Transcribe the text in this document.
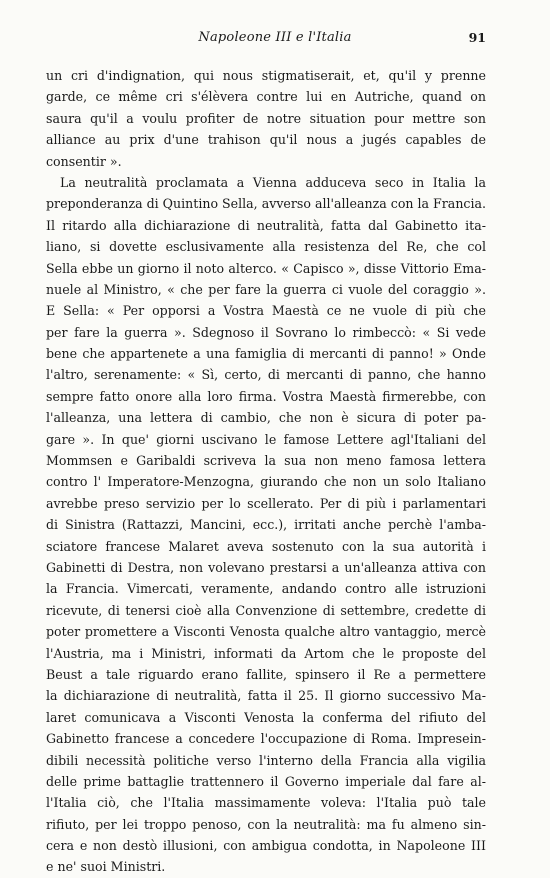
Napoleone III e l'Italia	91
un cri d'indignation, qui nous stigmatiserait, et, qu'il y prenne
garde, ce même cri s'élèvera contre lui en Autriche, quand on
saura qu'il a voulu profiter de notre situation pour mettre son
alliance au prix d'une trahison qu'il nous a jugés capables de
consentir ».
La neutralità proclamata a Vienna adduceva seco in Italia la
preponderanza di Quintino Sella, avverso all'alleanza con la Francia.
Il ritardo alla dichiarazione di neutralità, fatta dal Gabinetto ita-
liano, si dovette esclusivamente alla resistenza del Re, che col
Sella ebbe un giorno il noto alterco. « Capisco », disse Vittorio Ema-
nuele al Ministro, « che per fare la guerra ci vuole del coraggio ».
E Sella: « Per opporsi a Vostra Maestà ce ne vuole di più che
per fare la guerra ». Sdegnoso il Sovrano lo rimbeccò: « Si vede
bene che appartenete a una famiglia di mercanti di panno! » Onde
l'altro, serenamente: « Sì, certo, di mercanti di panno, che hanno
sempre fatto onore alla loro firma. Vostra Maestà firmerebbe, con
l'alleanza, una lettera di cambio, che non è sicura di poter pa-
gare ». In que' giorni uscivano le famose Lettere agl'Italiani del
Mommsen e Garibaldi scriveva la sua non meno famosa lettera
contro l' Imperatore-Menzogna, giurando che non un solo Italiano
avrebbe preso servizio per lo scellerato. Per di più i parlamentari
di Sinistra (Rattazzi, Mancini, ecc.), irritati anche perchè l'amba-
sciatore francese Malaret aveva sostenuto con la sua autorità i
Gabinetti di Destra, non volevano prestarsi a un'alleanza attiva con
la Francia. Vimercati, veramente, andando contro alle istruzioni
ricevute, di tenersi cioè alla Convenzione di settembre, credette di
poter promettere a Visconti Venosta qualche altro vantaggio, mercè
l'Austria, ma i Ministri, informati da Artom che le proposte del
Beust a tale riguardo erano fallite, spinsero il Re a permettere
la dichiarazione di neutralità, fatta il 25. Il giorno successivo Ma-
laret comunicava a Visconti Venosta la conferma del rifiuto del
Gabinetto francese a concedere l'occupazione di Roma. Impresein-
dibili necessità politiche verso l'interno della Francia alla vigilia
delle prime battaglie trattennero il Governo imperiale dal fare al-
l'Italia ciò, che l'Italia massimamente voleva: l'Italia può tale
rifiuto, per lei troppo penoso, con la neutralità: ma fu almeno sin-
cera e non destò illusioni, con ambigua condotta, in Napoleone III
e ne' suoi Ministri.
